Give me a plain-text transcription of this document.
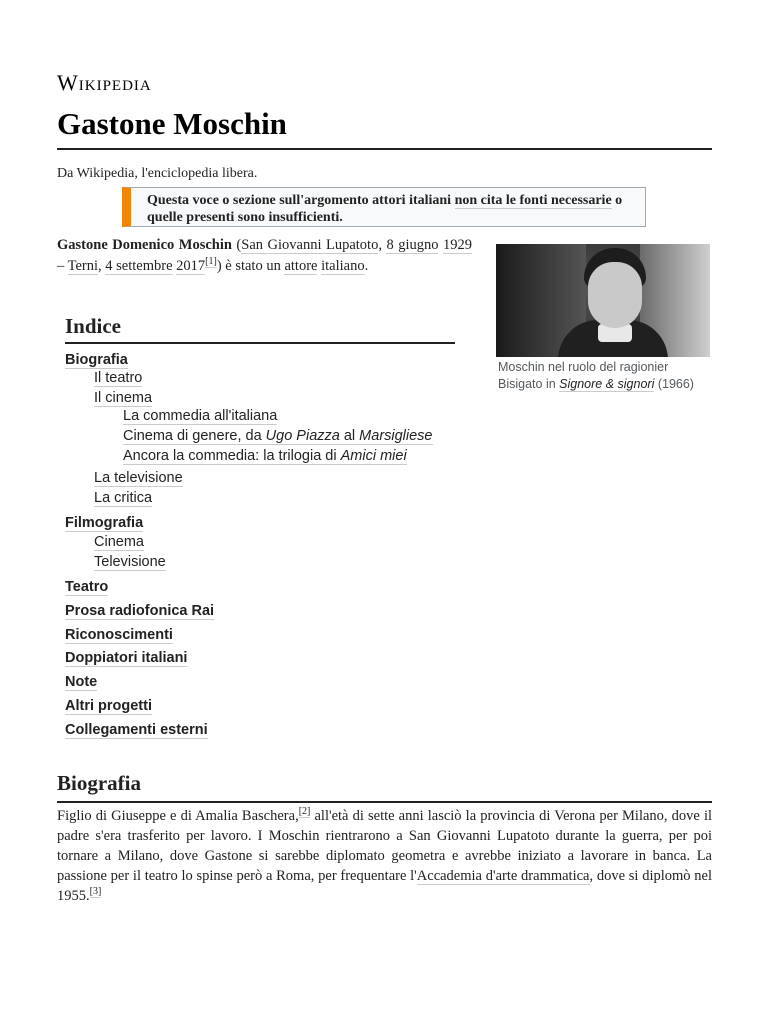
Wikipedia
Gastone Moschin
Da Wikipedia, l'enciclopedia libera.
Questa voce o sezione sull'argomento attori italiani non cita le fonti necessarie o quelle presenti sono insufficienti.
Gastone Domenico Moschin (San Giovanni Lupatoto, 8 giugno 1929 – Terni, 4 settembre 2017[1]) è stato un attore italiano.
Moschin nel ruolo del ragionier Bisigato in Signore & signori (1966)
Indice
Biografia
Il teatro
Il cinema
La commedia all'italiana
Cinema di genere, da Ugo Piazza al Marsigliese
Ancora la commedia: la trilogia di Amici miei
La televisione
La critica
Filmografia
Cinema
Televisione
Teatro
Prosa radiofonica Rai
Riconoscimenti
Doppiatori italiani
Note
Altri progetti
Collegamenti esterni
Biografia
Figlio di Giuseppe e di Amalia Baschera,[2] all'età di sette anni lasciò la provincia di Verona per Milano, dove il padre s'era trasferito per lavoro. I Moschin rientrarono a San Giovanni Lupatoto durante la guerra, per poi tornare a Milano, dove Gastone si sarebbe diplomato geometra e avrebbe iniziato a lavorare in banca. La passione per il teatro lo spinse però a Roma, per frequentare l'Accademia d'arte drammatica, dove si diplomò nel 1955.[3]
